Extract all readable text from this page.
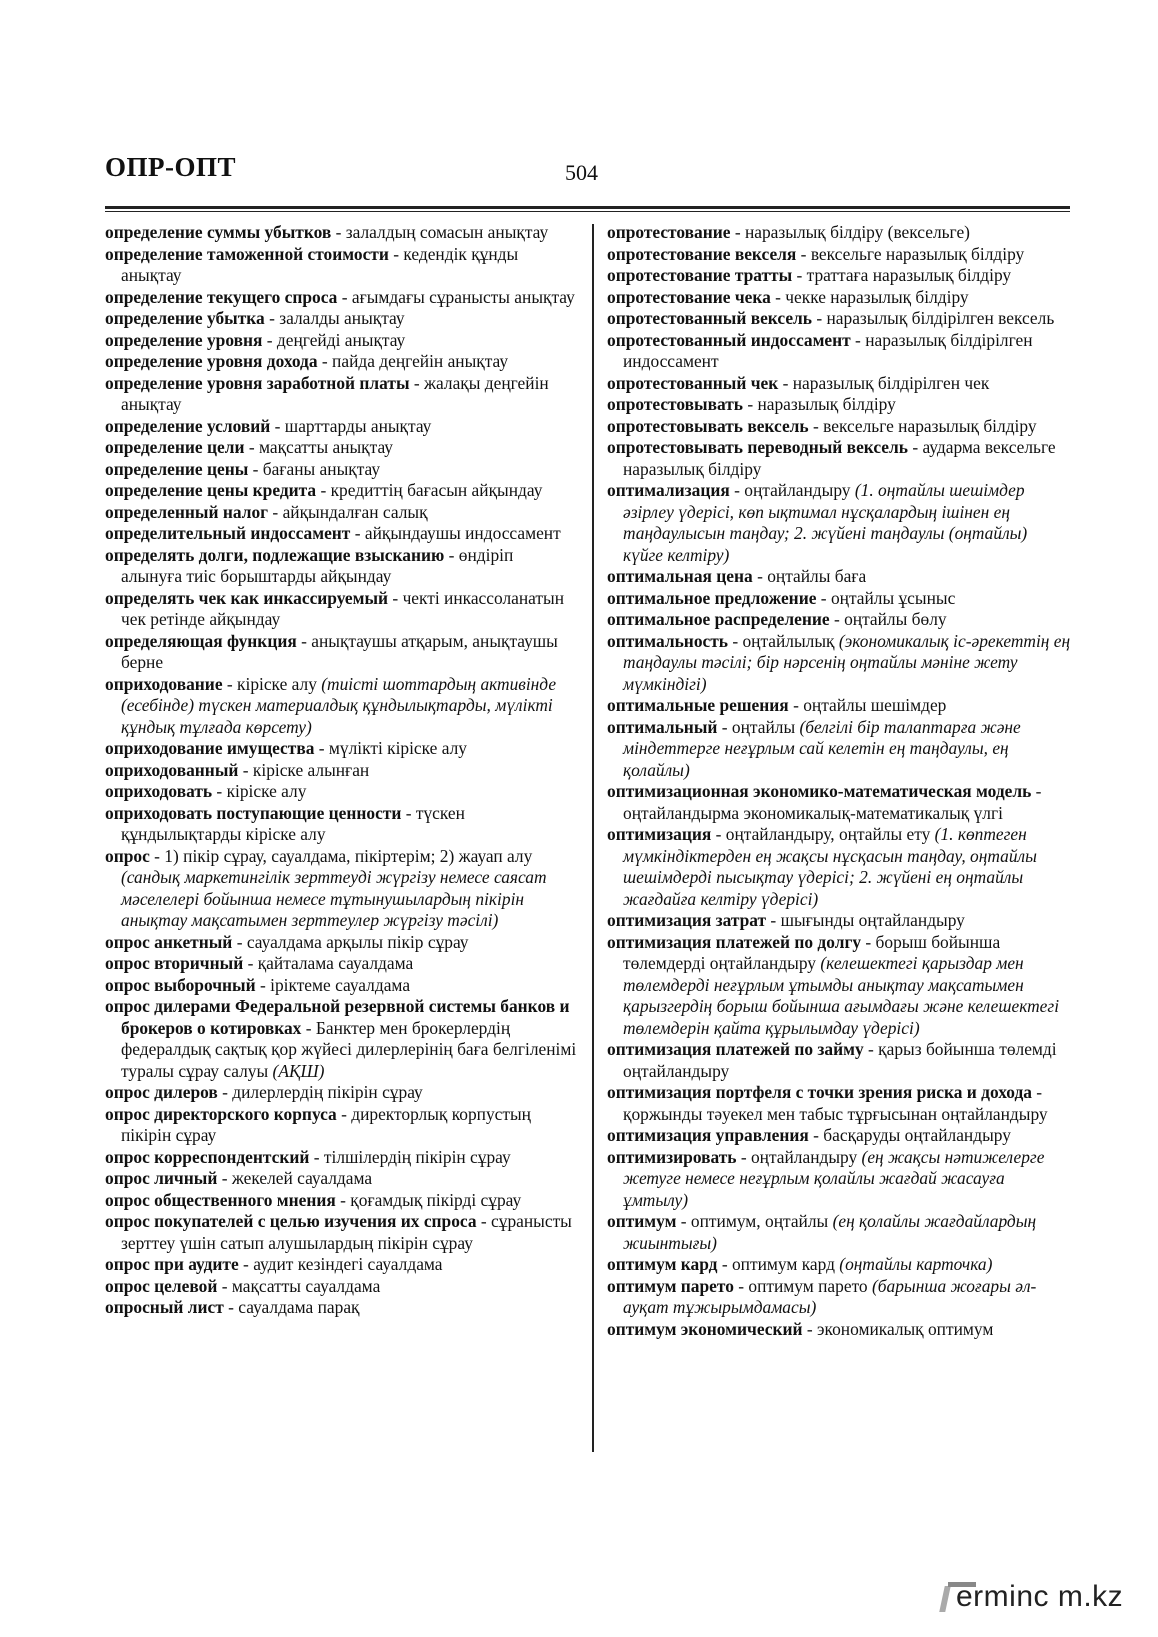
ОПР-ОПТ	504

определение суммы убытков - залалдың сомасын анықтау

определение таможенной стоимости - кедендік құнды анықтау

определение текущего спроса - ағымдағы сұранысты анықтау

определение убытка - залалды анықтау

определение уровня - деңгейді анықтау

определение уровня дохода - пайда деңгейін анықтау

определение уровня заработной платы - жалақы деңгейін анықтау

определение условий - шарттарды анықтау

определение цели - мақсатты анықтау

определение цены - бағаны анықтау

определение цены кредита - кредиттің бағасын айқындау

определенный налог - айқындалған салық

определительный индоссамент - айқындаушы индоссамент

определять долги, подлежащие взысканию - өндіріп алынуға тиіс борыштарды айқындау

определять чек как инкассируемый - чекті инкассоланатын чек ретінде айқындау

определяющая функция - анықтаушы атқарым, анықтаушы берне

оприходование - кіріске алу (тиісті шоттардың активінде (есебінде) түскен материалдық құндылықтарды, мүлікті құндық тұлғада көрсету)

оприходование имущества - мүлікті кіріске алу

оприходованный - кіріске алынған

оприходовать - кіріске алу

оприходовать поступающие ценности - түскен құндылықтарды кіріске алу

опрос - 1) пікір сұрау, сауалдама, пікіртерім; 2) жауап алу (сандық маркетингілік зерттеуді жүргізу немесе саясат мәселелері бойынша немесе тұтынушылардың пікірін анықтау мақсатымен зерттеулер жүргізу тәсілі)

опрос анкетный - сауалдама арқылы пікір сұрау

опрос вторичный - қайталама сауалдама

опрос выборочный - іріктеме сауалдама

опрос дилерами Федеральной резервной системы банков и брокеров о котировках - Банктер мен брокерлердің федералдық сақтық қор жүйесі дилерлерінің баға белгіленімі туралы сұрау салуы (АҚШ)

опрос дилеров - дилерлердің пікірін сұрау

опрос директорского корпуса - директорлық корпустың пікірін сұрау

опрос корреспондентский - тілшілердің пікірін сұрау

опрос личный - жекелей сауалдама

опрос общественного мнения - қоғамдық пікірді сұрау

опрос покупателей с целью изучения их спроса - сұранысты зерттеу үшін сатып алушылардың пікірін сұрау

опрос при аудите - аудит кезіндегі сауалдама

опрос целевой - мақсатты сауалдама

опросный лист - сауалдама парақ

опротестование - наразылық білдіру (вексельге)

опротестование векселя - вексельге наразылық білдіру

опротестование тратты - траттаға наразылық білдіру

опротестование чека - чекке наразылық білдіру

опротестованный вексель - наразылық білдірілген вексель

опротестованный индоссамент - наразылық білдірілген индоссамент

опротестованный чек - наразылық білдірілген чек

опротестовывать - наразылық білдіру

опротестовывать вексель - вексельге наразылық білдіру

опротестовывать переводный вексель - аударма вексельге наразылық білдіру

оптимализация - оңтайландыру (1. оңтайлы шешімдер әзірлеу үдерісі, көп ықтимал нұсқалардың ішінен ең таңдаулысын таңдау; 2. жүйені таңдаулы (оңтайлы) күйге келтіру)

оптимальная цена - оңтайлы баға

оптимальное предложение - оңтайлы ұсыныс

оптимальное распределение - оңтайлы бөлу

оптимальность - оңтайлылық (экономикалық іс-әрекеттің ең таңдаулы тәсілі; бір нәрсенің оңтайлы мәніне жету мүмкіндігі)

оптимальные решения - оңтайлы шешімдер

оптимальный - оңтайлы (белгілі бір талаптарға және міндеттерге неғұрлым сай келетін ең таңдаулы, ең қолайлы)

оптимизационная экономико-математическая модель - оңтайландырма экономикалық-математикалық үлгі

оптимизация - оңтайландыру, оңтайлы ету (1. көптеген мүмкіндіктерден ең жақсы нұсқасын таңдау, оңтайлы шешімдерді пысықтау үдерісі; 2. жүйені ең оңтайлы жағдайға келтіру үдерісі)

оптимизация затрат - шығынды оңтайландыру

оптимизация платежей по долгу - борыш бойынша төлемдерді оңтайландыру (келешектегі қарыздар мен төлемдерді неғұрлым ұтымды анықтау мақсатымен қарызгердің борыш бойынша ағымдағы және келешектегі төлемдерін қайта құрылымдау үдерісі)

оптимизация платежей по займу - қарыз бойынша төлемді оңтайландыру

оптимизация портфеля с точки зрения риска и дохода - қоржынды тәуекел мен табыс тұрғысынан оңтайландыру

оптимизация управления - басқаруды оңтайландыру

оптимизировать - оңтайландыру (ең жақсы нәтижелерге жетуге немесе неғұрлым қолайлы жағдай жасауға ұмтылу)

оптимум - оптимум, оңтайлы (ең қолайлы жағдайлардың жиынтығы)

оптимум кард - оптимум кард (оңтайлы карточка)

оптимум парето - оптимум парето (барынша жоғары әл-ауқат тұжырымдамасы)

оптимум экономический - экономикалық оптимум

erminc m.kz
